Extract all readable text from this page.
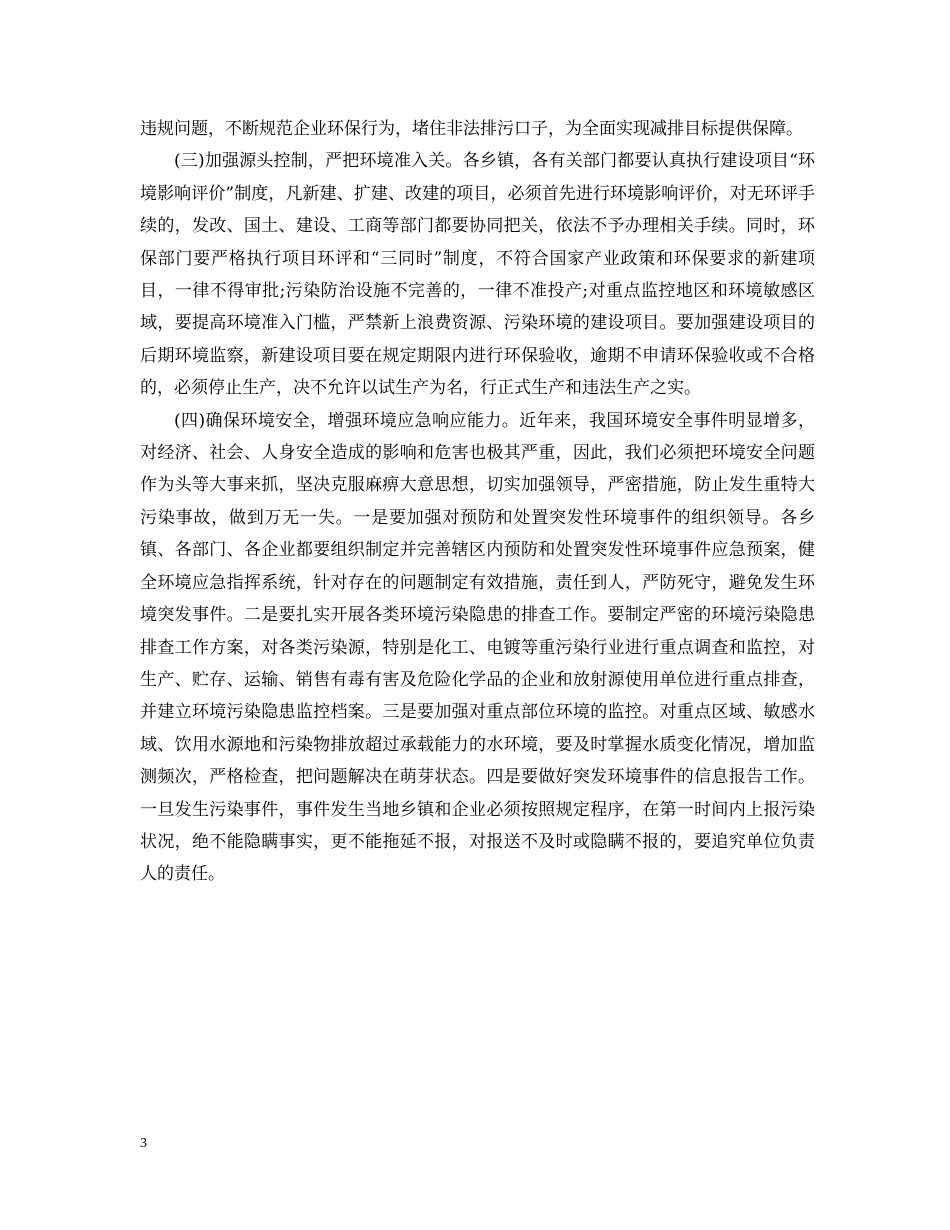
违规问题，不断规范企业环保行为，堵住非法排污口子，为全面实现减排目标提供保障。

(三)加强源头控制，严把环境准入关。各乡镇，各有关部门都要认真执行建设项目“环境影响评价”制度，凡新建、扩建、改建的项目，必须首先进行环境影响评价，对无环评手续的，发改、国土、建设、工商等部门都要协同把关，依法不予办理相关手续。同时，环保部门要严格执行项目环评和“三同时”制度，不符合国家产业政策和环保要求的新建项目，一律不得审批;污染防治设施不完善的，一律不准投产;对重点监控地区和环境敏感区域，要提高环境准入门槛，严禁新上浪费资源、污染环境的建设项目。要加强建设项目的后期环境监察，新建设项目要在规定期限内进行环保验收，逾期不申请环保验收或不合格的，必须停止生产，决不允许以试生产为名，行正式生产和违法生产之实。

(四)确保环境安全，增强环境应急响应能力。近年来，我国环境安全事件明显增多，对经济、社会、人身安全造成的影响和危害也极其严重，因此，我们必须把环境安全问题作为头等大事来抓，坚决克服麻痹大意思想，切实加强领导，严密措施，防止发生重特大污染事故，做到万无一失。一是要加强对预防和处置突发性环境事件的组织领导。各乡镇、各部门、各企业都要组织制定并完善辖区内预防和处置突发性环境事件应急预案，健全环境应急指挥系统，针对存在的问题制定有效措施，责任到人，严防死守，避免发生环境突发事件。二是要扎实开展各类环境污染隐患的排查工作。要制定严密的环境污染隐患排查工作方案，对各类污染源，特别是化工、电镀等重污染行业进行重点调查和监控，对生产、贮存、运输、销售有毒有害及危险化学品的企业和放射源使用单位进行重点排查，并建立环境污染隐患监控档案。三是要加强对重点部位环境的监控。对重点区域、敏感水域、饮用水源地和污染物排放超过承载能力的水环境，要及时掌握水质变化情况，增加监测频次，严格检查，把问题解决在萌芽状态。四是要做好突发环境事件的信息报告工作。一旦发生污染事件，事件发生当地乡镇和企业必须按照规定程序，在第一时间内上报污染状况，绝不能隐瞒事实，更不能拖延不报，对报送不及时或隐瞒不报的，要追究单位负责人的责任。

3
